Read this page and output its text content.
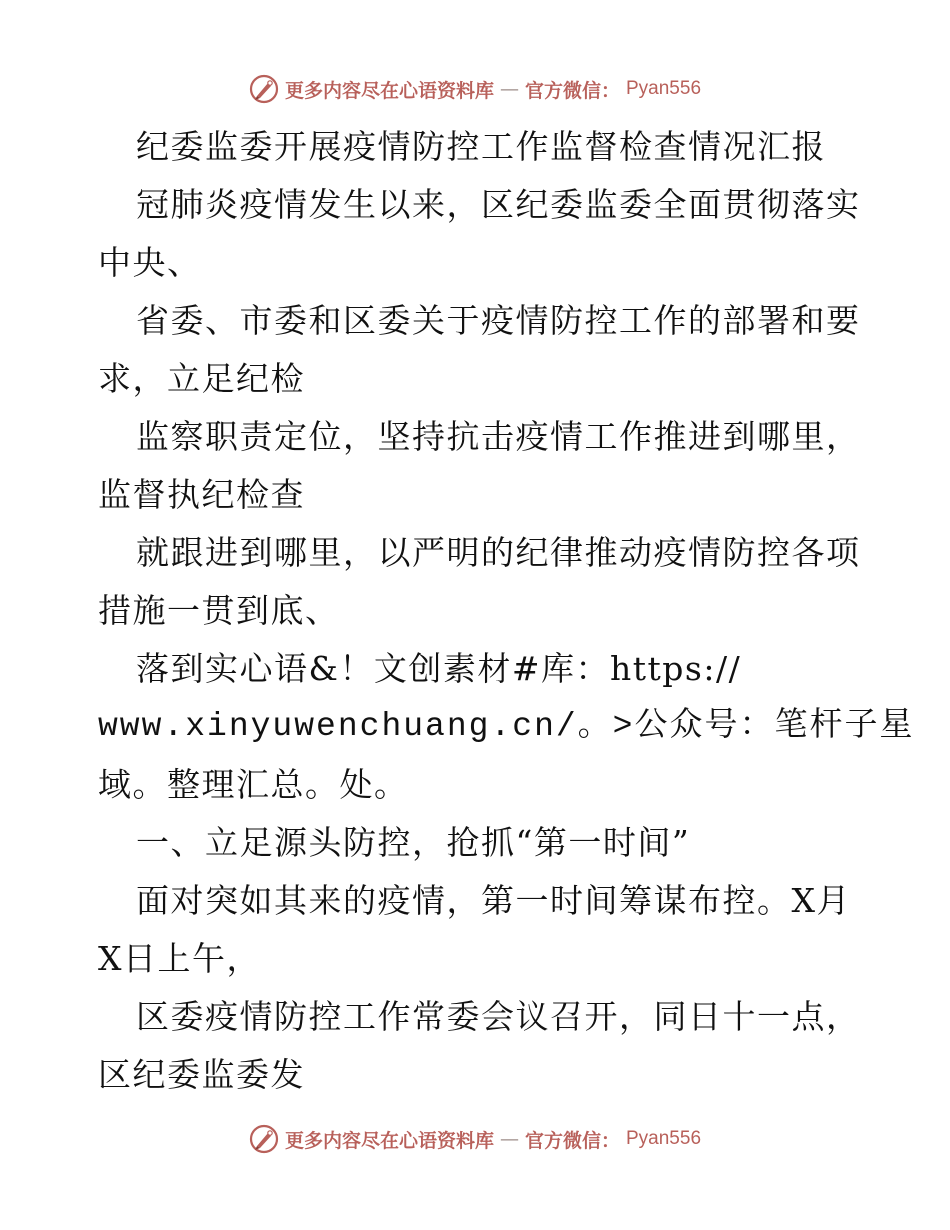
更多内容尽在心语资料库 — 官方微信： Pyan556
纪委监委开展疫情防控工作监督检查情况汇报
冠肺炎疫情发生以来，区纪委监委全面贯彻落实
中央、
省委、市委和区委关于疫情防控工作的部署和要
求，立足纪检
监察职责定位，坚持抗击疫情工作推进到哪里，
监督执纪检查
就跟进到哪里，以严明的纪律推动疫情防控各项
措施一贯到底、
落到实心语&！文创素材#库：https://
www.xinyuwenchuang.cn/。>公众号：笔杆子星
域。整理汇总。处。
一、立足源头防控，抢抓“第一时间”
面对突如其来的疫情，第一时间筹谋布控。X月
X日上午，
区委疫情防控工作常委会议召开，同日十一点，
区纪委监委发
更多内容尽在心语资料库 — 官方微信： Pyan556
